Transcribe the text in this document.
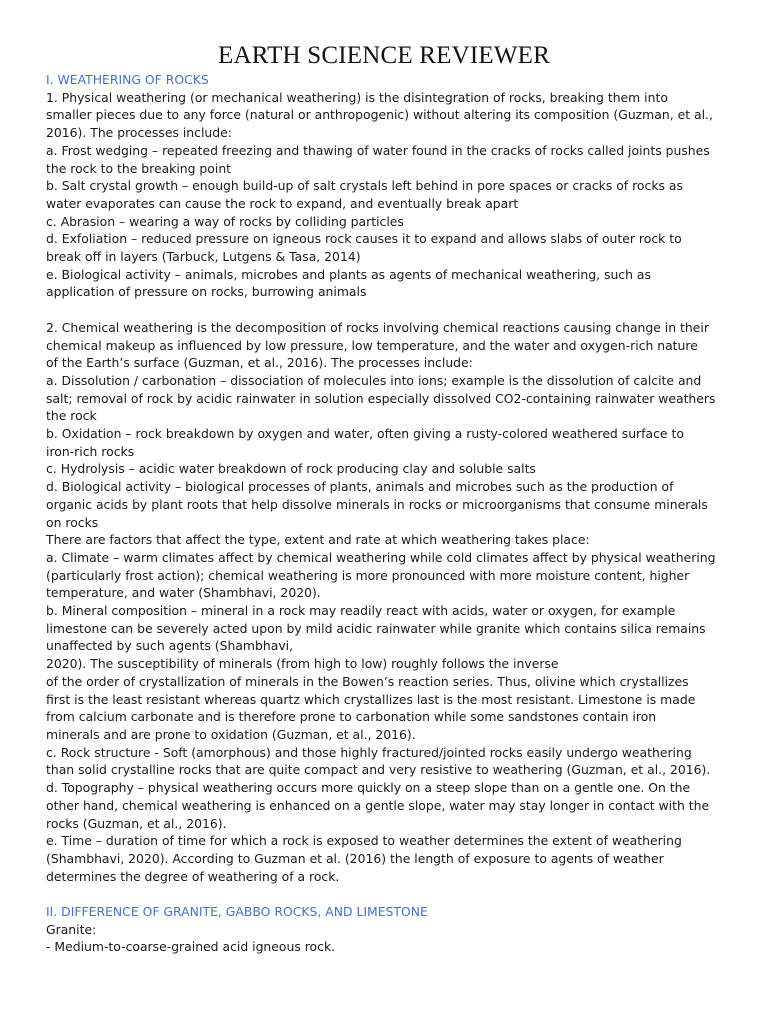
EARTH SCIENCE REVIEWER
I. WEATHERING OF ROCKS
1. Physical weathering (or mechanical weathering) is the disintegration of rocks, breaking them into
smaller pieces due to any force (natural or anthropogenic) without altering its composition (Guzman, et al.,
2016). The processes include:
a. Frost wedging – repeated freezing and thawing of water found in the cracks of rocks called joints pushes
the rock to the breaking point
b. Salt crystal growth – enough build-up of salt crystals left behind in pore spaces or cracks of rocks as
water evaporates can cause the rock to expand, and eventually break apart
c. Abrasion – wearing a way of rocks by colliding particles
d. Exfoliation – reduced pressure on igneous rock causes it to expand and allows slabs of outer rock to
break off in layers (Tarbuck, Lutgens & Tasa, 2014)
e. Biological activity – animals, microbes and plants as agents of mechanical weathering, such as
application of pressure on rocks, burrowing animals
2. Chemical weathering is the decomposition of rocks involving chemical reactions causing change in their
chemical makeup as influenced by low pressure, low temperature, and the water and oxygen-rich nature
of the Earth’s surface (Guzman, et al., 2016). The processes include:
a. Dissolution / carbonation – dissociation of molecules into ions; example is the dissolution of calcite and
salt; removal of rock by acidic rainwater in solution especially dissolved CO2-containing rainwater weathers
the rock
b. Oxidation – rock breakdown by oxygen and water, often giving a rusty-colored weathered surface to
iron-rich rocks
c. Hydrolysis – acidic water breakdown of rock producing clay and soluble salts
d. Biological activity – biological processes of plants, animals and microbes such as the production of
organic acids by plant roots that help dissolve minerals in rocks or microorganisms that consume minerals
on rocks
There are factors that affect the type, extent and rate at which weathering takes place:
a. Climate – warm climates affect by chemical weathering while cold climates affect by physical weathering
(particularly frost action); chemical weathering is more pronounced with more moisture content, higher
temperature, and water (Shambhavi, 2020).
b. Mineral composition – mineral in a rock may readily react with acids, water or oxygen, for example
limestone can be severely acted upon by mild acidic rainwater while granite which contains silica remains
unaffected by such agents (Shambhavi,
2020). The susceptibility of minerals (from high to low) roughly follows the inverse
of the order of crystallization of minerals in the Bowen’s reaction series. Thus, olivine which crystallizes
first is the least resistant whereas quartz which crystallizes last is the most resistant. Limestone is made
from calcium carbonate and is therefore prone to carbonation while some sandstones contain iron
minerals and are prone to oxidation (Guzman, et al., 2016).
c. Rock structure - Soft (amorphous) and those highly fractured/jointed rocks easily undergo weathering
than solid crystalline rocks that are quite compact and very resistive to weathering (Guzman, et al., 2016).
d. Topography – physical weathering occurs more quickly on a steep slope than on a gentle one. On the
other hand, chemical weathering is enhanced on a gentle slope, water may stay longer in contact with the
rocks (Guzman, et al., 2016).
e. Time – duration of time for which a rock is exposed to weather determines the extent of weathering
(Shambhavi, 2020). According to Guzman et al. (2016) the length of exposure to agents of weather
determines the degree of weathering of a rock.
II. DIFFERENCE OF GRANITE, GABBO ROCKS, AND LIMESTONE
Granite:
- Medium-to-coarse-grained acid igneous rock.
